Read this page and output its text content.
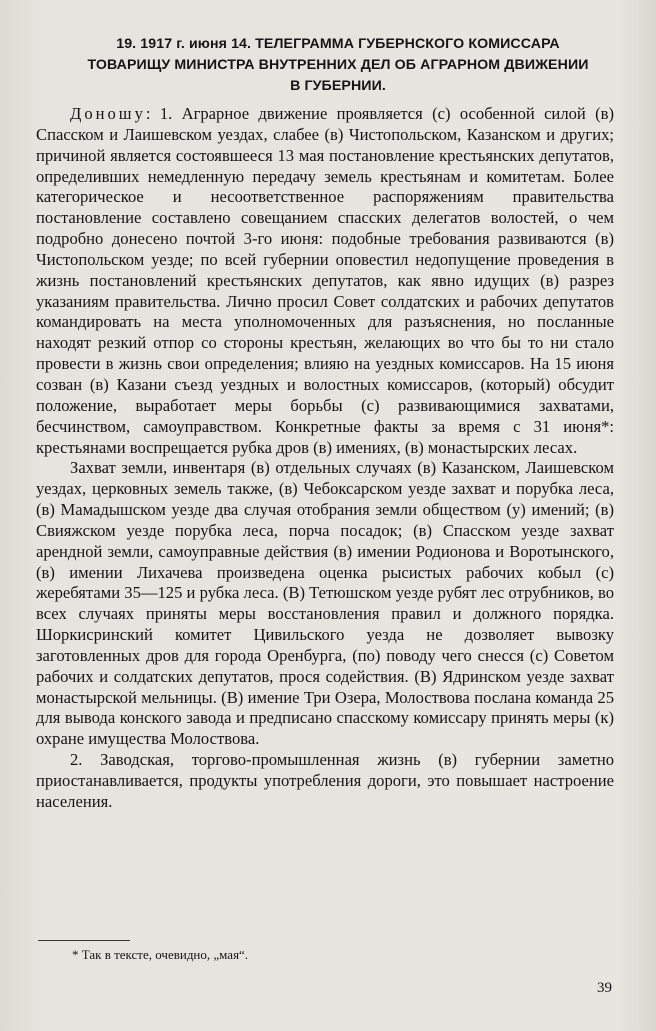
19. 1917 г. июня 14. ТЕЛЕГРАММА ГУБЕРНСКОГО КОМИССАРА
ТОВАРИЩУ МИНИСТРА ВНУТРЕННИХ ДЕЛ ОБ АГРАРНОМ ДВИЖЕНИИ
В ГУБЕРНИИ.

Доношу: 1. Аграрное движение проявляется (с) особенной силой (в) Спасском и Лаишевском уездах, слабее (в) Чистопольском, Казанском и других; причиной является состоявшееся 13 мая постановление крестьянских депутатов, определивших немедленную передачу земель крестьянам и комитетам. Более категорическое и несоответственное распоряжениям правительства постановление составлено совещанием спасских делегатов волостей, о чем подробно донесено почтой 3-го июня: подобные требования развиваются (в) Чистопольском уезде; по всей губернии оповестил недопущение проведения в жизнь постановлений крестьянских депутатов, как явно идущих (в) разрез указаниям правительства. Лично просил Совет солдатских и рабочих депутатов командировать на места уполномоченных для разъяснения, но посланные находят резкий отпор со стороны крестьян, желающих во что бы то ни стало провести в жизнь свои определения; влияю на уездных комиссаров. На 15 июня созван (в) Казани съезд уездных и волостных комиссаров, (который) обсудит положение, выработает меры борьбы (с) развивающимися захватами, бесчинством, самоуправством. Конкретные факты за время с 31 июня*: крестьянами воспрещается рубка дров (в) имениях, (в) монастырских лесах.

Захват земли, инвентаря (в) отдельных случаях (в) Казанском, Лаишевском уездах, церковных земель также, (в) Чебоксарском уезде захват и порубка леса, (в) Мамадышском уезде два случая отобрания земли обществом (у) имений; (в) Свияжском уезде порубка леса, порча посадок; (в) Спасском уезде захват арендной земли, самоуправные действия (в) имении Родионова и Воротынского, (в) имении Лихачева произведена оценка рысистых рабочих кобыл (с) жеребятами 35—125 и рубка леса. (В) Тетюшском уезде рубят лес отрубников, во всех случаях приняты меры восстановления правил и должного порядка. Шоркисринский комитет Цивильского уезда не дозволяет вывозку заготовленных дров для города Оренбурга, (по) поводу чего снесся (с) Советом рабочих и солдатских депутатов, прося содействия. (В) Ядринском уезде захват монастырской мельницы. (В) имение Три Озера, Молоствова послана команда 25 для вывода конского завода и предписано спасскому комиссару принять меры (к) охране имущества Молоствова.

2. Заводская, торгово-промышленная жизнь (в) губернии заметно приостанавливается, продукты употребления дороги, это повышает настроение населения.

* Так в тексте, очевидно, „мая“.
39
